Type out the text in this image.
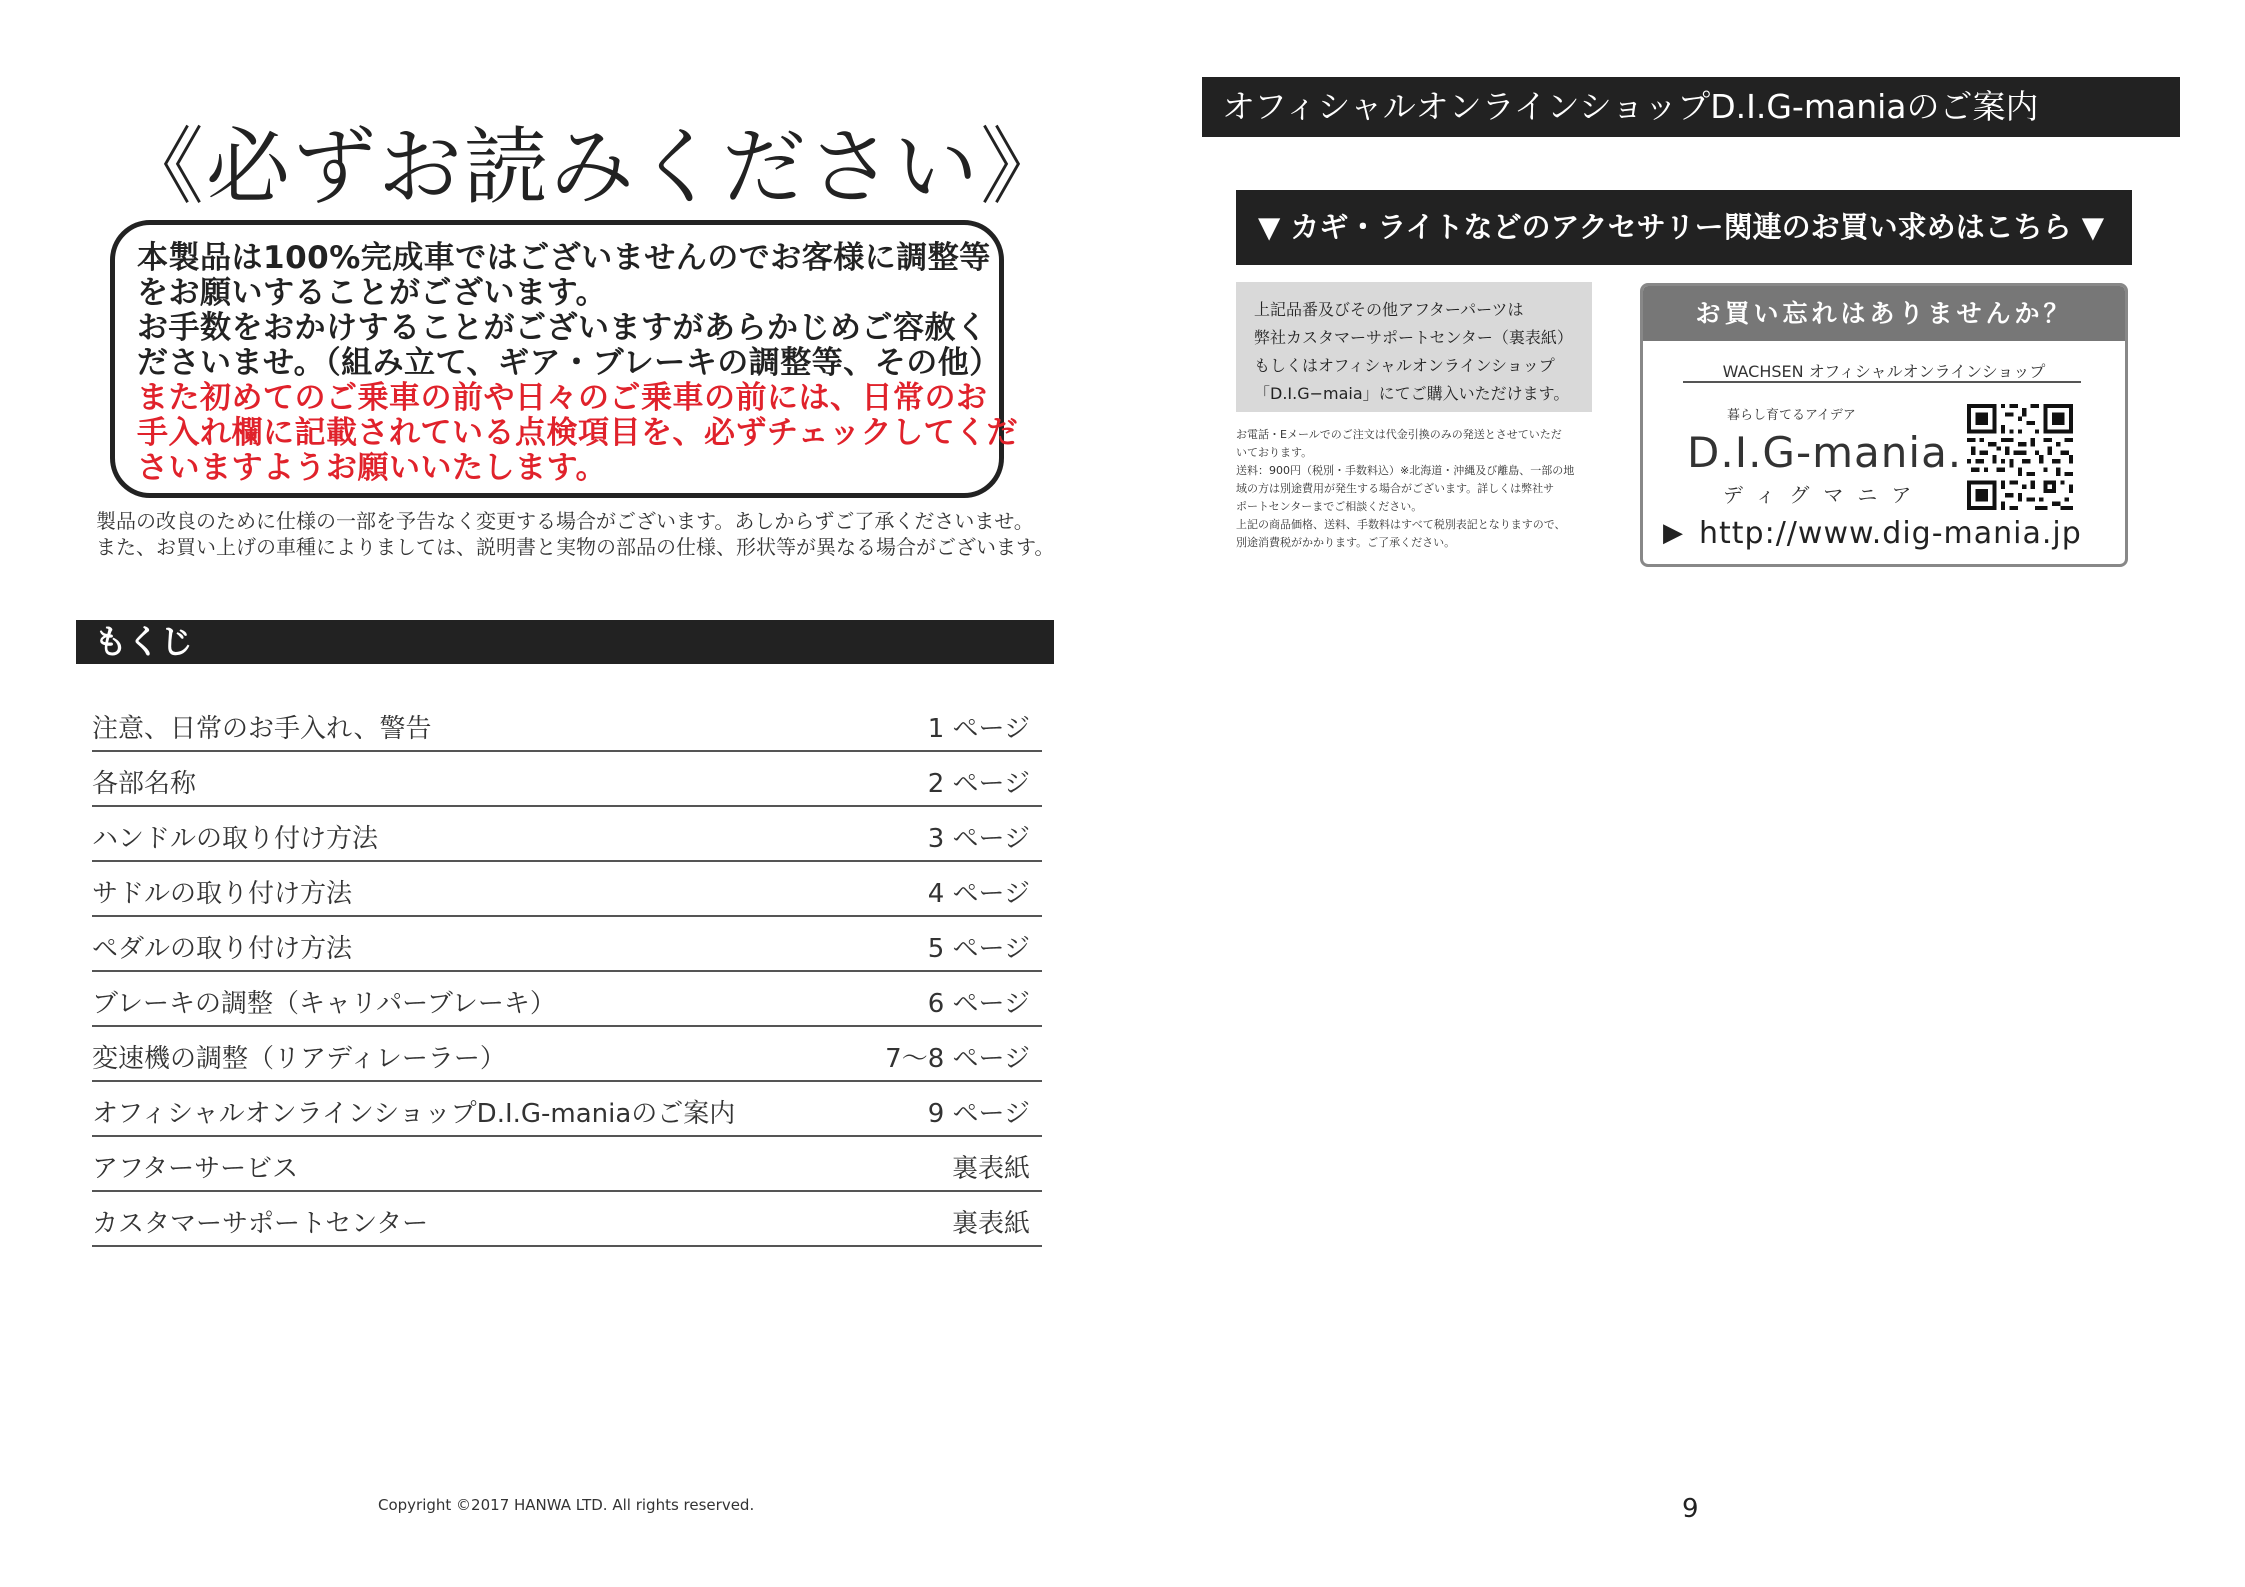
《必ずお読みください》

本製品は100%完成車ではございませんのでお客様に調整等

をお願いすることがございます。

お手数をおかけすることがございますがあらかじめご容赦く

ださいませ。（組み立て、ギア・ブレーキの調整等、その他）

また初めてのご乗車の前や日々のご乗車の前には、日常のお

手入れ欄に記載されている点検項目を、必ずチェックしてくだ

さいますようお願いいたします。

製品の改良のために仕様の一部を予告なく変更する場合がございます。あしからずご了承くださいませ。

また、お買い上げの車種によりましては、説明書と実物の部品の仕様、形状等が異なる場合がございます。

もくじ
注意、日常のお手入れ、警告	1 ページ
各部名称	2 ページ
ハンドルの取り付け方法	3 ページ
サドルの取り付け方法	4 ページ
ペダルの取り付け方法	5 ページ
ブレーキの調整（キャリパーブレーキ）	6 ページ
変速機の調整（リアディレーラー）	7〜8 ページ
オフィシャルオンラインショップD.I.G-maniaのご案内	9 ページ
アフターサービス	裏表紙
カスタマーサポートセンター	裏表紙
Copyright ©2017 HANWA LTD. All rights reserved.
オフィシャルオンラインショップD.I.G-maniaのご案内
▼ カギ・ライトなどのアクセサリー関連のお買い求めはこちら ▼

上記品番及びその他アフターパーツは

弊社カスタマーサポートセンター（裏表紙）

もしくはオフィシャルオンラインショップ

「D.I.G−maia」にてご購入いただけます。

お電話・Eメールでのご注文は代金引換のみの発送とさせていただ

いております。

送料：900円（税別・手数料込）※北海道・沖縄及び離島、一部の地

域の方は別途費用が発生する場合がございます。詳しくは弊社サ

ポートセンターまでご相談ください。

上記の商品価格、送料、手数料はすべて税別表記となりますので、

別途消費税がかかります。ご了承ください。

お買い忘れはありませんか？
WACHSEN オフィシャルオンラインショップ
暮らし育てるアイデア
D.I.G-mania.
ディグマニア
▶ http://www.dig-mania.jp
9
